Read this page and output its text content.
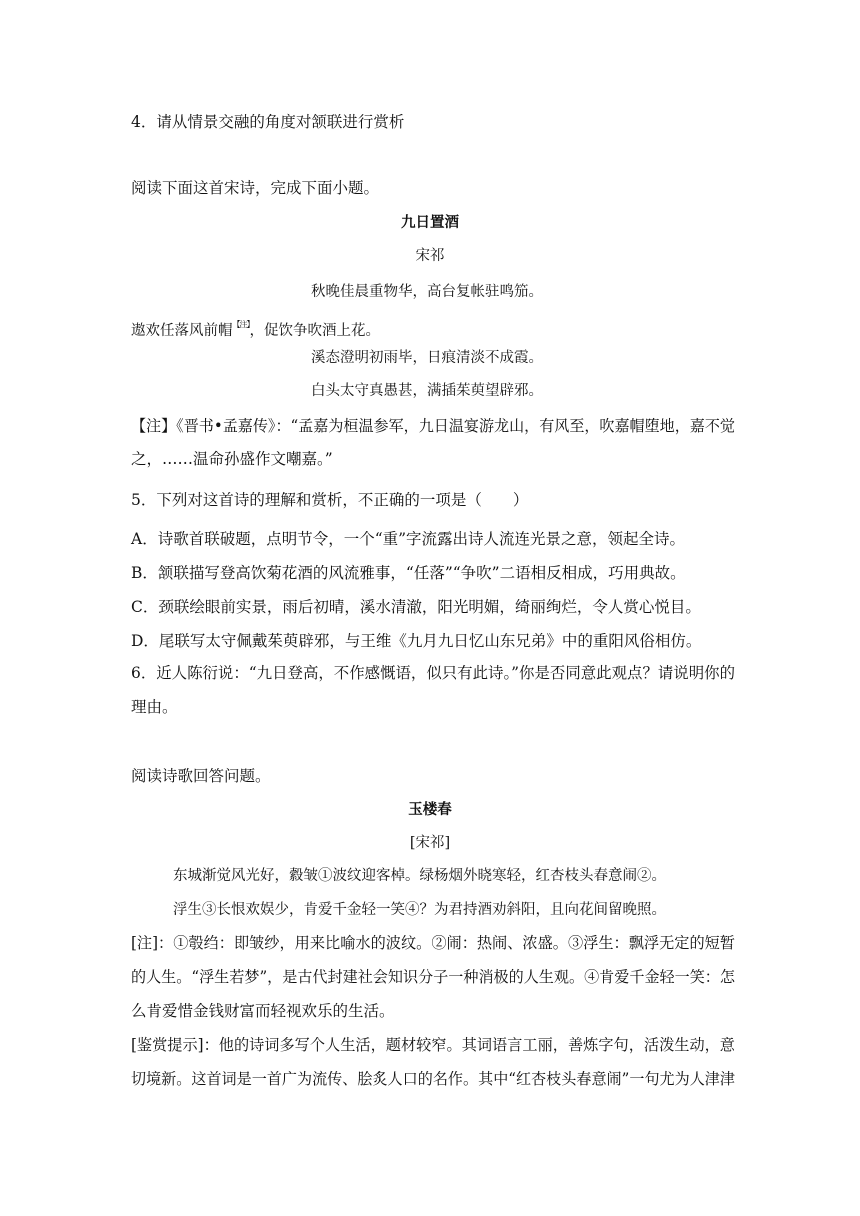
4．请从情景交融的角度对颔联进行赏析
阅读下面这首宋诗，完成下面小题。
九日置酒
宋祁
秋晚佳晨重物华，高台复帐驻鸣笳。
遨欢任落风前帽$^{【注】}$，促饮争吹酒上花。
溪态澄明初雨毕，日痕清淡不成霞。
白头太守真愚甚，满插茱萸望辟邪。
【注】《晋书•孟嘉传》：“孟嘉为桓温参军，九日温宴游龙山，有风至，吹嘉帽堕地，嘉不觉
之，……温命孙盛作文嘲嘉。”
5．下列对这首诗的理解和赏析，不正确的一项是（　　）
A．诗歌首联破题，点明节令，一个“重”字流露出诗人流连光景之意，领起全诗。
B．颔联描写登高饮菊花酒的风流雅事，“任落”“争吹”二语相反相成，巧用典故。
C．颈联绘眼前实景，雨后初晴，溪水清澈，阳光明媚，绮丽绚烂，令人赏心悦目。
D．尾联写太守佩戴茱萸辟邪，与王维《九月九日忆山东兄弟》中的重阳风俗相仿。
6．近人陈衍说：“九日登高，不作感慨语，似只有此诗。”你是否同意此观点？请说明你的
理由。
阅读诗歌回答问题。
玉楼春
[宋祁]
东城渐觉风光好，縠皱①波纹迎客棹。绿杨烟外晓寒轻，红杏枝头春意闹②。
浮生③长恨欢娱少，肯爱千金轻一笑④？为君持酒劝斜阳，且向花间留晚照。
[注]：①彀绉：即皱纱，用来比喻水的波纹。②闹：热闹、浓盛。③浮生：飘浮无定的短暂
的人生。“浮生若梦”，是古代封建社会知识分子一种消极的人生观。④肯爱千金轻一笑：怎
么肯爱惜金钱财富而轻视欢乐的生活。
[鉴赏提示]：他的诗词多写个人生活，题材较窄。其词语言工丽，善炼字句，活泼生动，意
切境新。这首词是一首广为流传、脍炙人口的名作。其中“红杏枝头春意闹”一句尤为人津津
